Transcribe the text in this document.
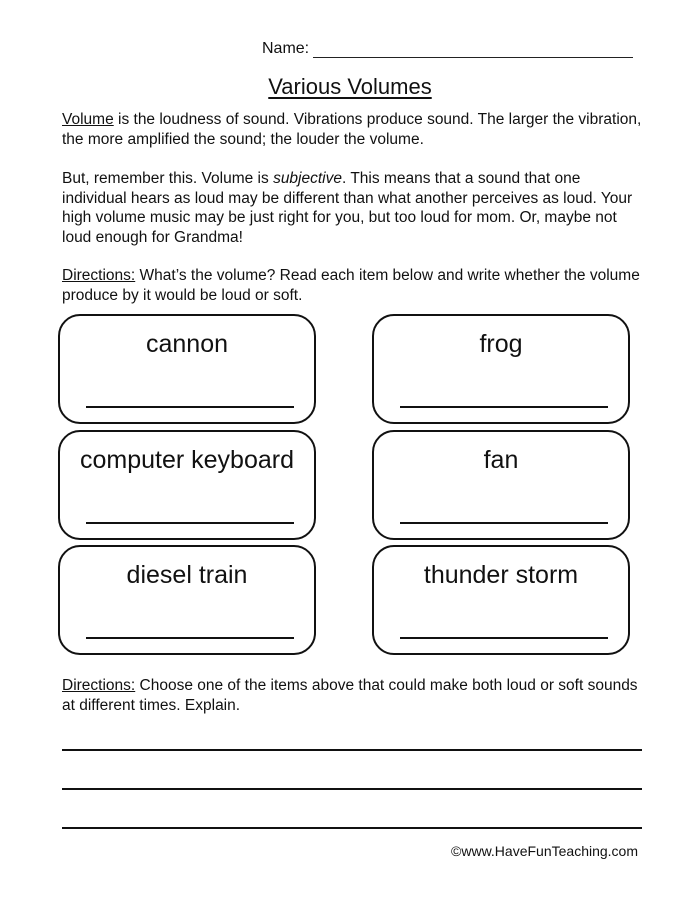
Name:
Various Volumes
Volume is the loudness of sound. Vibrations produce sound. The larger the vibration, the more amplified the sound; the louder the volume.
But, remember this. Volume is subjective. This means that a sound that one individual hears as loud may be different than what another perceives as loud. Your high volume music may be just right for you, but too loud for mom. Or, maybe not loud enough for Grandma!
Directions: What’s the volume? Read each item below and write whether the volume produce by it would be loud or soft.
cannon	frog
computer keyboard	fan
diesel train	thunder storm
Directions: Choose one of the items above that could make both loud or soft sounds at different times. Explain.
©www.HaveFunTeaching.com
